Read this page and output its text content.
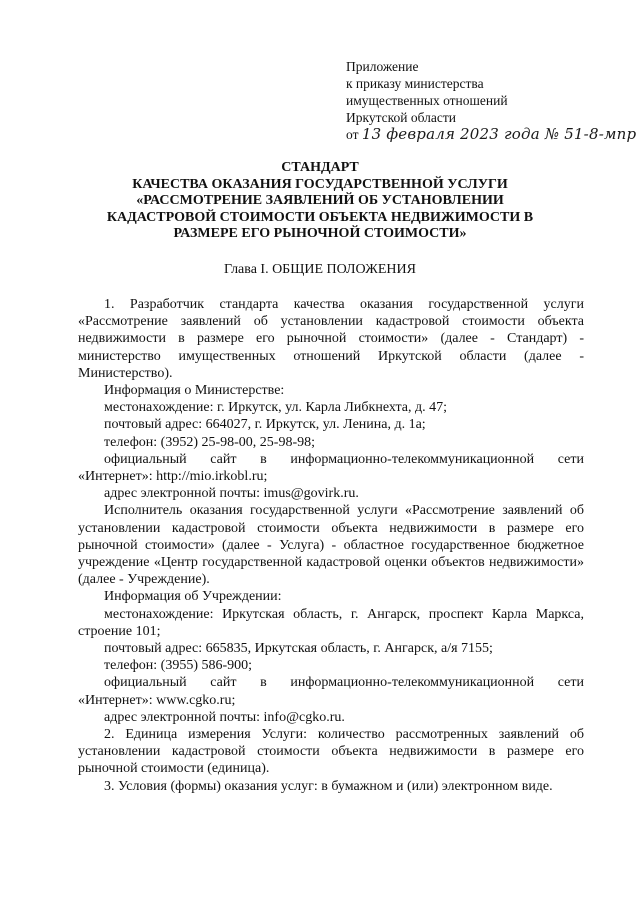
Приложение
к приказу министерства
имущественных отношений
Иркутской области
от 13 февраля 2023 года № 51-8-мпр
СТАНДАРТ
КАЧЕСТВА ОКАЗАНИЯ ГОСУДАРСТВЕННОЙ УСЛУГИ
«РАССМОТРЕНИЕ ЗАЯВЛЕНИЙ ОБ УСТАНОВЛЕНИИ
КАДАСТРОВОЙ СТОИМОСТИ ОБЪЕКТА НЕДВИЖИМОСТИ В
РАЗМЕРЕ ЕГО РЫНОЧНОЙ СТОИМОСТИ»
Глава I. ОБЩИЕ ПОЛОЖЕНИЯ

1. Разработчик стандарта качества оказания государственной услуги «Рассмотрение заявлений об установлении кадастровой стоимости объекта недвижимости в размере его рыночной стоимости» (далее - Стандарт) - министерство имущественных отношений Иркутской области (далее - Министерство).

Информация о Министерстве:

местонахождение: г. Иркутск, ул. Карла Либкнехта, д. 47;

почтовый адрес: 664027, г. Иркутск, ул. Ленина, д. 1а;

телефон: (3952) 25-98-00, 25-98-98;

официальный сайт в информационно-телекоммуникационной сети

«Интернет»: http://mio.irkobl.ru;

адрес электронной почты: imus@govirk.ru.

Исполнитель оказания государственной услуги «Рассмотрение заявлений об установлении кадастровой стоимости объекта недвижимости в размере его рыночной стоимости» (далее - Услуга) - областное государственное бюджетное учреждение «Центр государственной кадастровой оценки объектов недвижимости» (далее - Учреждение).

Информация об Учреждении:

местонахождение: Иркутская область, г. Ангарск, проспект Карла Маркса, строение 101;

почтовый адрес: 665835, Иркутская область, г. Ангарск, а/я 7155;

телефон: (3955) 586-900;

официальный сайт в информационно-телекоммуникационной сети

«Интернет»: www.cgko.ru;

адрес электронной почты: info@cgko.ru.

2. Единица измерения Услуги: количество рассмотренных заявлений об установлении кадастровой стоимости объекта недвижимости в размере его рыночной стоимости (единица).

3. Условия (формы) оказания услуг: в бумажном и (или) электронном виде.
